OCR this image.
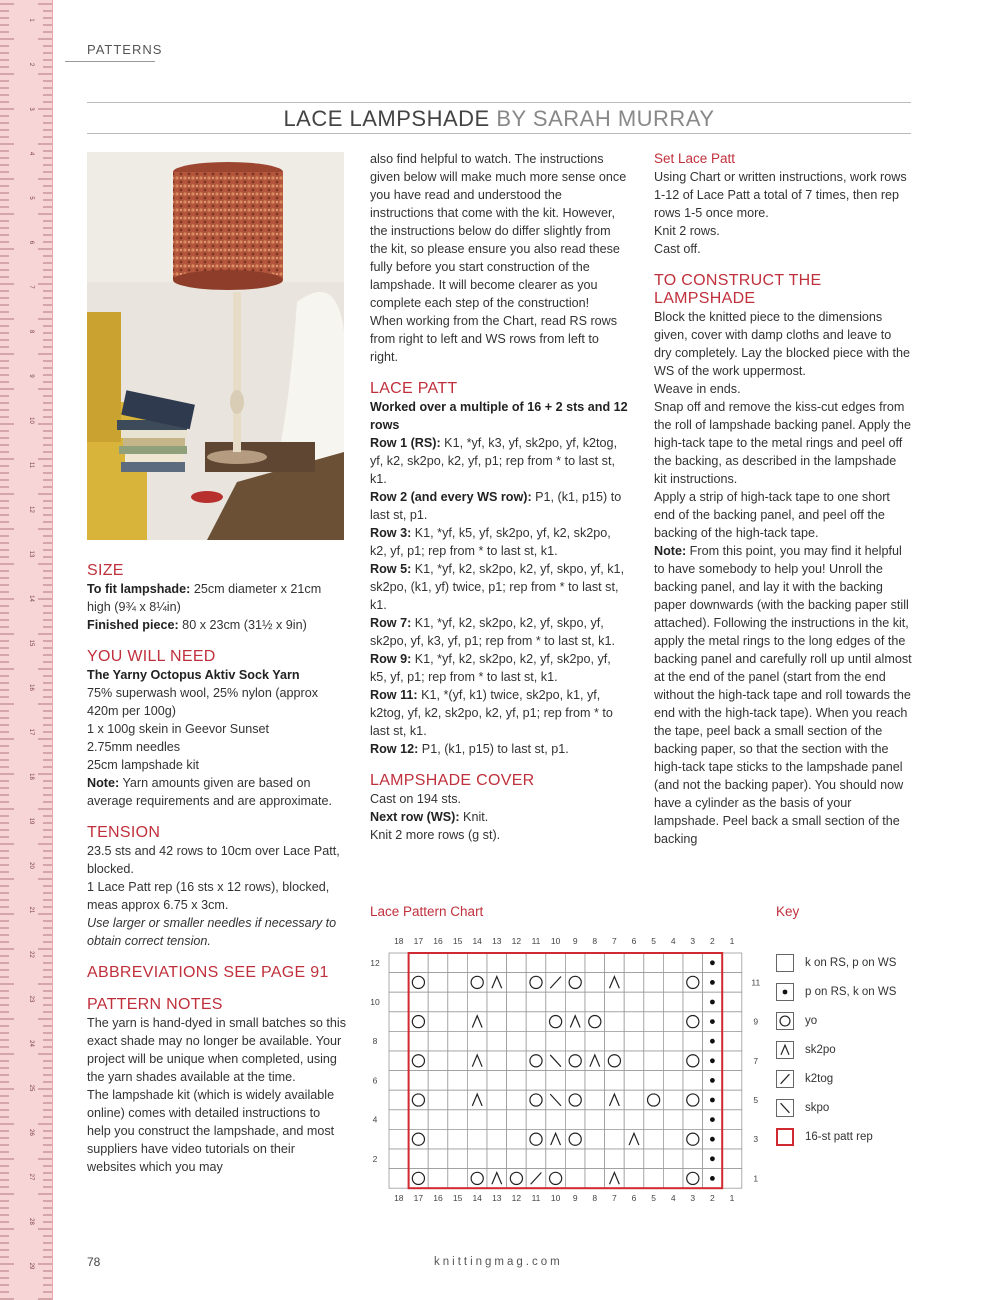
1
2
3
4
5
6
7
8
9
10
11
12
13
14
15
16
17
18
19
20
21
22
23
24
25
26
27
28
29
PATTERNS
LACE LAMPSHADE BY SARAH MURRAY
SIZE

To fit lampshade: 25cm diameter x 21cm high (9¾ x 8¼in)

Finished piece: 80 x 23cm (31½ x 9in)

YOU WILL NEED

The Yarny Octopus Aktiv Sock Yarn

75% superwash wool, 25% nylon (approx 420m per 100g)

1 x 100g skein in Geevor Sunset

2.75mm needles

25cm lampshade kit

Note: Yarn amounts given are based on average requirements and are approximate.

TENSION

23.5 sts and 42 rows to 10cm over Lace Patt, blocked.

1 Lace Patt rep (16 sts x 12 rows), blocked, meas approx 6.75 x 3cm.

Use larger or smaller needles if necessary to obtain correct tension.

ABBREVIATIONS SEE PAGE 91
PATTERN NOTES

The yarn is hand-dyed in small batches so this exact shade may no longer be available. Your project will be unique when completed, using the yarn shades available at the time.

The lampshade kit (which is widely available online) comes with detailed instructions to help you construct the lampshade, and most suppliers have video tutorials on their websites which you may

also find helpful to watch. The instructions given below will make much more sense once you have read and understood the instructions that come with the kit. However, the instructions below do differ slightly from the kit, so please ensure you also read these fully before you start construction of the lampshade. It will become clearer as you complete each step of the construction!

When working from the Chart, read RS rows from right to left and WS rows from left to right.

LACE PATT

Worked over a multiple of 16 + 2 sts and 12 rows

Row 1 (RS): K1, *yf, k3, yf, sk2po, yf, k2tog, yf, k2, sk2po, k2, yf, p1; rep from * to last st, k1.

Row 2 (and every WS row): P1, (k1, p15) to last st, p1.

Row 3: K1, *yf, k5, yf, sk2po, yf, k2, sk2po, k2, yf, p1; rep from * to last st, k1.

Row 5: K1, *yf, k2, sk2po, k2, yf, skpo, yf, k1, sk2po, (k1, yf) twice, p1; rep from * to last st, k1.

Row 7: K1, *yf, k2, sk2po, k2, yf, skpo, yf, sk2po, yf, k3, yf, p1; rep from * to last st, k1.

Row 9: K1, *yf, k2, sk2po, k2, yf, sk2po, yf, k5, yf, p1; rep from * to last st, k1.

Row 11: K1, *(yf, k1) twice, sk2po, k1, yf, k2tog, yf, k2, sk2po, k2, yf, p1; rep from * to last st, k1.

Row 12: P1, (k1, p15) to last st, p1.

LAMPSHADE COVER

Cast on 194 sts.

Next row (WS): Knit.

Knit 2 more rows (g st).

Set Lace Patt

Using Chart or written instructions, work rows 1-12 of Lace Patt a total of 7 times, then rep rows 1-5 once more.

Knit 2 rows.

Cast off.

TO CONSTRUCT THE LAMPSHADE

Block the knitted piece to the dimensions given, cover with damp cloths and leave to dry completely. Lay the blocked piece with the WS of the work uppermost.

Weave in ends.

Snap off and remove the kiss-cut edges from the roll of lampshade backing panel. Apply the high-tack tape to the metal rings and peel off the backing, as described in the lampshade kit instructions.

Apply a strip of high-tack tape to one short end of the backing panel, and peel off the backing of the high-tack tape.

Note: From this point, you may find it helpful to have somebody to help you! Unroll the backing panel, and lay it with the backing paper downwards (with the backing paper still attached). Following the instructions in the kit, apply the metal rings to the long edges of the backing panel and carefully roll up until almost at the end of the panel (start from the end without the high-tack tape and roll towards the end with the high-tack tape). When you reach the tape, peel back a small section of the backing paper, so that the section with the high-tack tape sticks to the lampshade panel (and not the backing paper). You should now have a cylinder as the basis of your lampshade. Peel back a small section of the backing

Lace Pattern Chart
18
18
17
17
16
16
15
15
14
14
13
13
12
12
11
11
10
10
9
9
8
8
7
7
6
6
5
5
4
4
3
3
2
2
1
1
12
10
8
6
4
2
11
9
7
5
3
1
Key
k on RS, p on WS
p on RS, k on WS
yo
sk2po
k2tog
skpo
16-st patt rep
78	knittingmag.com
